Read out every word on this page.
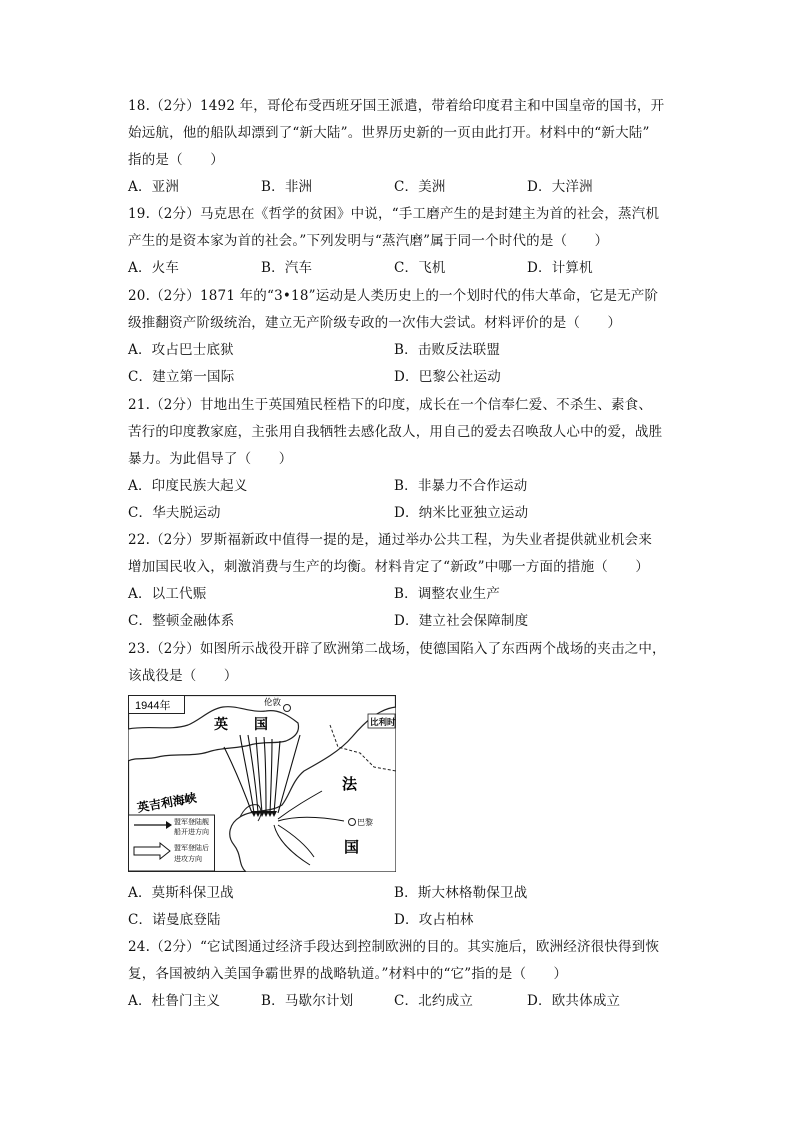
18.（2分）1492 年，哥伦布受西班牙国王派遣，带着给印度君主和中国皇帝的国书，开
始远航，他的船队却漂到了“新大陆”。世界历史新的一页由此打开。材料中的“新大陆”
指的是（　　）
A．亚洲	B．非洲	C．美洲	D．大洋洲
19.（2分）马克思在《哲学的贫困》中说，“手工磨产生的是封建主为首的社会，蒸汽机
产生的是资本家为首的社会。”下列发明与“蒸汽磨”属于同一个时代的是（　　）
A．火车	B．汽车	C．飞机	D．计算机
20.（2分）1871 年的“3•18”运动是人类历史上的一个划时代的伟大革命，它是无产阶
级推翻资产阶级统治，建立无产阶级专政的一次伟大尝试。材料评价的是（　　）
A．攻占巴士底狱	B．击败反法联盟
C．建立第一国际	D．巴黎公社运动
21.（2分）甘地出生于英国殖民桎梏下的印度，成长在一个信奉仁爱、不杀生、素食、
苦行的印度教家庭，主张用自我牺牲去感化敌人，用自己的爱去召唤敌人心中的爱，战胜
暴力。为此倡导了（　　）
A．印度民族大起义	B．非暴力不合作运动
C．华夫脱运动	D．纳米比亚独立运动
22.（2分）罗斯福新政中值得一提的是，通过举办公共工程，为失业者提供就业机会来
增加国民收入，刺激消费与生产的均衡。材料肯定了“新政”中哪一方面的措施（　　）
A．以工代赈	B．调整农业生产
C．整顿金融体系	D．建立社会保障制度
23.（2分）如图所示战役开辟了欧洲第二战场，使德国陷入了东西两个战场的夹击之中，
该战役是（　　）
1944年
英 国
伦敦
比利时
法
国
英吉利海峡
巴黎
盟军登陆舰
船开进方向
盟军登陆后
进攻方向
A．莫斯科保卫战	B．斯大林格勒保卫战
C．诺曼底登陆	D．攻占柏林
24.（2分）“它试图通过经济手段达到控制欧洲的目的。其实施后，欧洲经济很快得到恢
复，各国被纳入美国争霸世界的战略轨道。”材料中的“它”指的是（　　）
A．杜鲁门主义	B．马歇尔计划	C．北约成立	D．欧共体成立
